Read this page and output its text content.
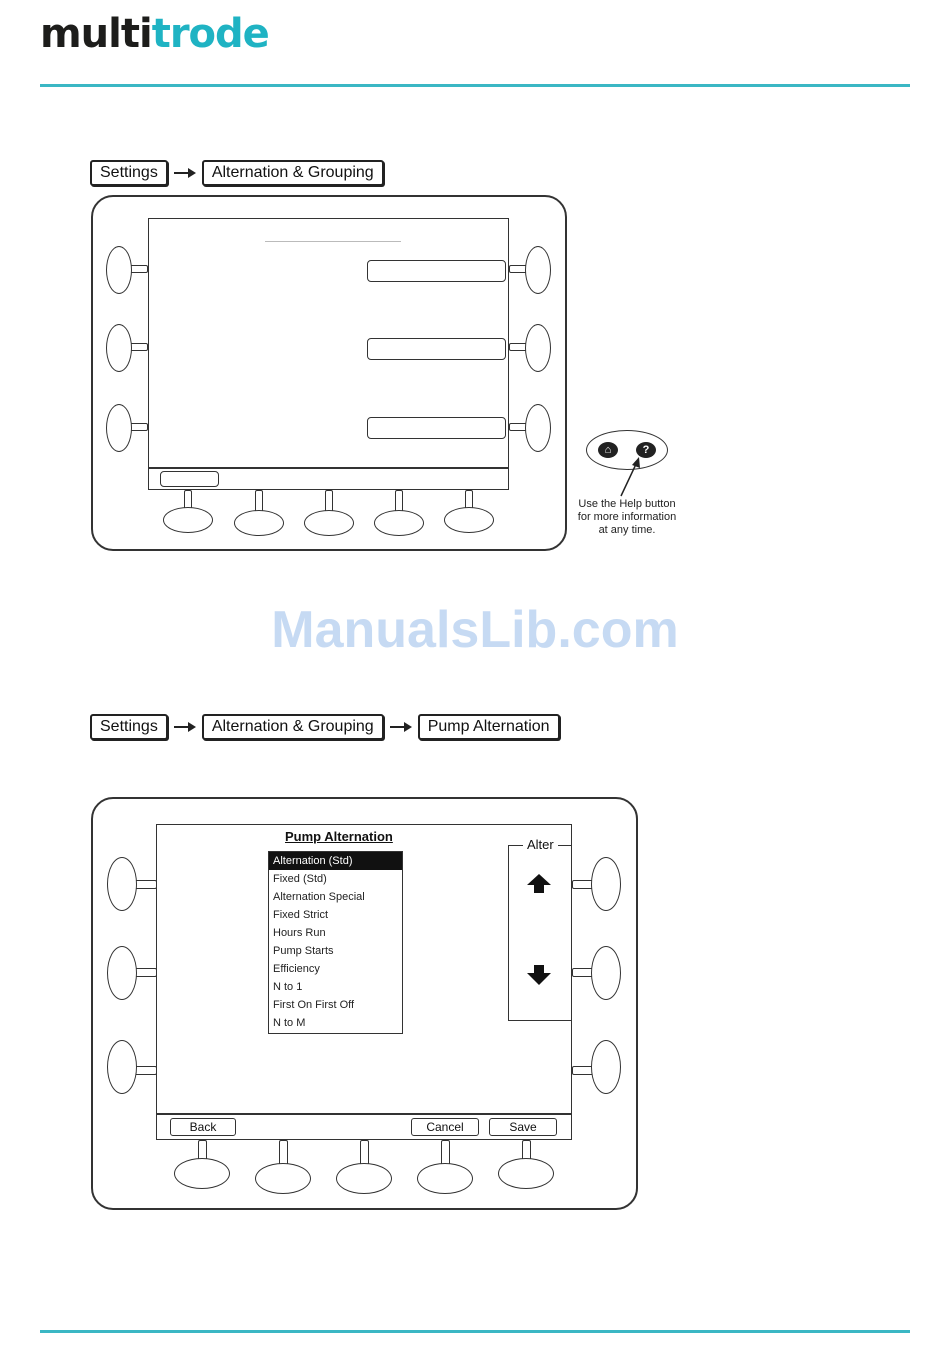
multitrode
Settings	Alternation & Grouping
⌂	?
Use the Help button
for more information
at any time.
ManualsLib.com
Settings	Alternation & Grouping	Pump Alternation
Pump Alternation
Alternation (Std)
Fixed (Std)
Alternation Special
Fixed Strict
Hours Run
Pump Starts
Efficiency
N to 1
First On First Off
N to M
Alter
Back	Cancel	Save
